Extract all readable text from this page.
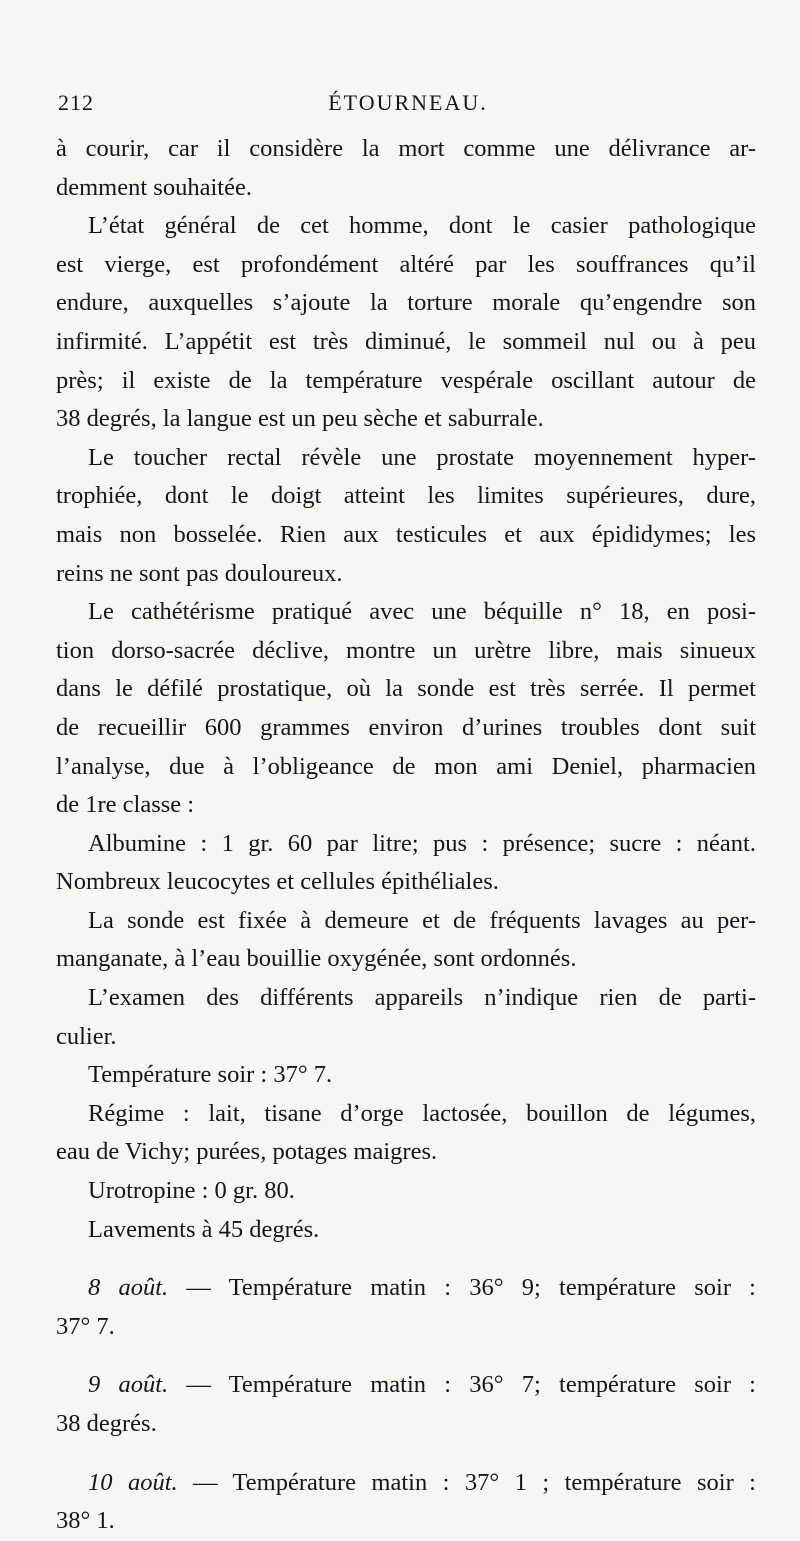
212	ÉTOURNEAU.
à courir, car il considère la mort comme une délivrance ar-
demment souhaitée.
L’état général de cet homme, dont le casier pathologique
est vierge, est profondément altéré par les souffrances qu’il
endure, auxquelles s’ajoute la torture morale qu’engendre son
infirmité. L’appétit est très diminué, le sommeil nul ou à peu
près; il existe de la température vespérale oscillant autour de
38 degrés, la langue est un peu sèche et saburrale.
Le toucher rectal révèle une prostate moyennement hyper-
trophiée, dont le doigt atteint les limites supérieures, dure,
mais non bosselée. Rien aux testicules et aux épididymes; les
reins ne sont pas douloureux.
Le cathétérisme pratiqué avec une béquille n° 18, en posi-
tion dorso-sacrée déclive, montre un urètre libre, mais sinueux
dans le défilé prostatique, où la sonde est très serrée. Il permet
de recueillir 600 grammes environ d’urines troubles dont suit
l’analyse, due à l’obligeance de mon ami Deniel, pharmacien
de 1re classe :
Albumine : 1 gr. 60 par litre; pus : présence; sucre : néant.
Nombreux leucocytes et cellules épithéliales.
La sonde est fixée à demeure et de fréquents lavages au per-
manganate, à l’eau bouillie oxygénée, sont ordonnés.
L’examen des différents appareils n’indique rien de parti-
culier.
Température soir : 37° 7.
Régime : lait, tisane d’orge lactosée, bouillon de légumes,
eau de Vichy; purées, potages maigres.
Urotropine : 0 gr. 80.
Lavements à 45 degrés.
8 août. — Température matin : 36° 9; température soir :
37° 7.
9 août. — Température matin : 36° 7; température soir :
38 degrés.
10 août. — Température matin : 37° 1 ; température soir :
38° 1.
